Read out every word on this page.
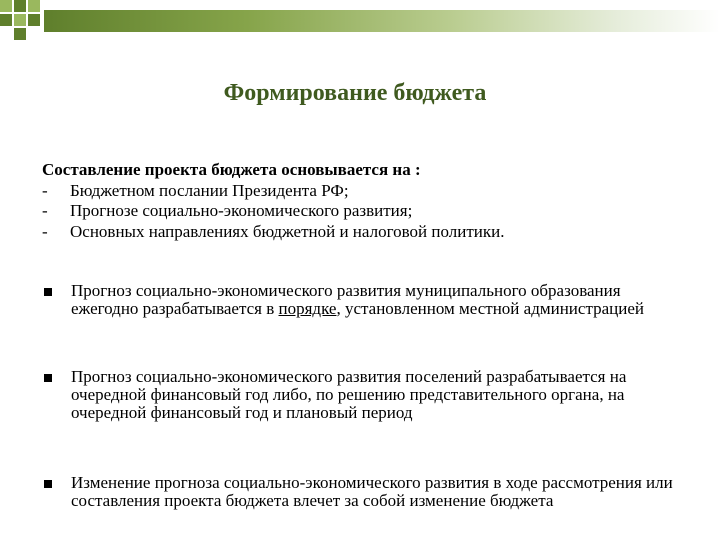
Формирование бюджета
Составление проекта бюджета основывается на :
-	Бюджетном послании Президента РФ;
-	Прогнозе социально-экономического развития;
-	Основных направлениях бюджетной и налоговой политики.
Прогноз социально-экономического развития муниципального образования ежегодно разрабатывается в порядке, установленном местной администрацией
Прогноз социально-экономического развития поселений разрабатывается на очередной финансовый год либо, по решению представительного органа, на очередной финансовый год и плановый период
Изменение прогноза социально-экономического развития в ходе рассмотрения или составления проекта бюджета влечет за собой изменение бюджета
